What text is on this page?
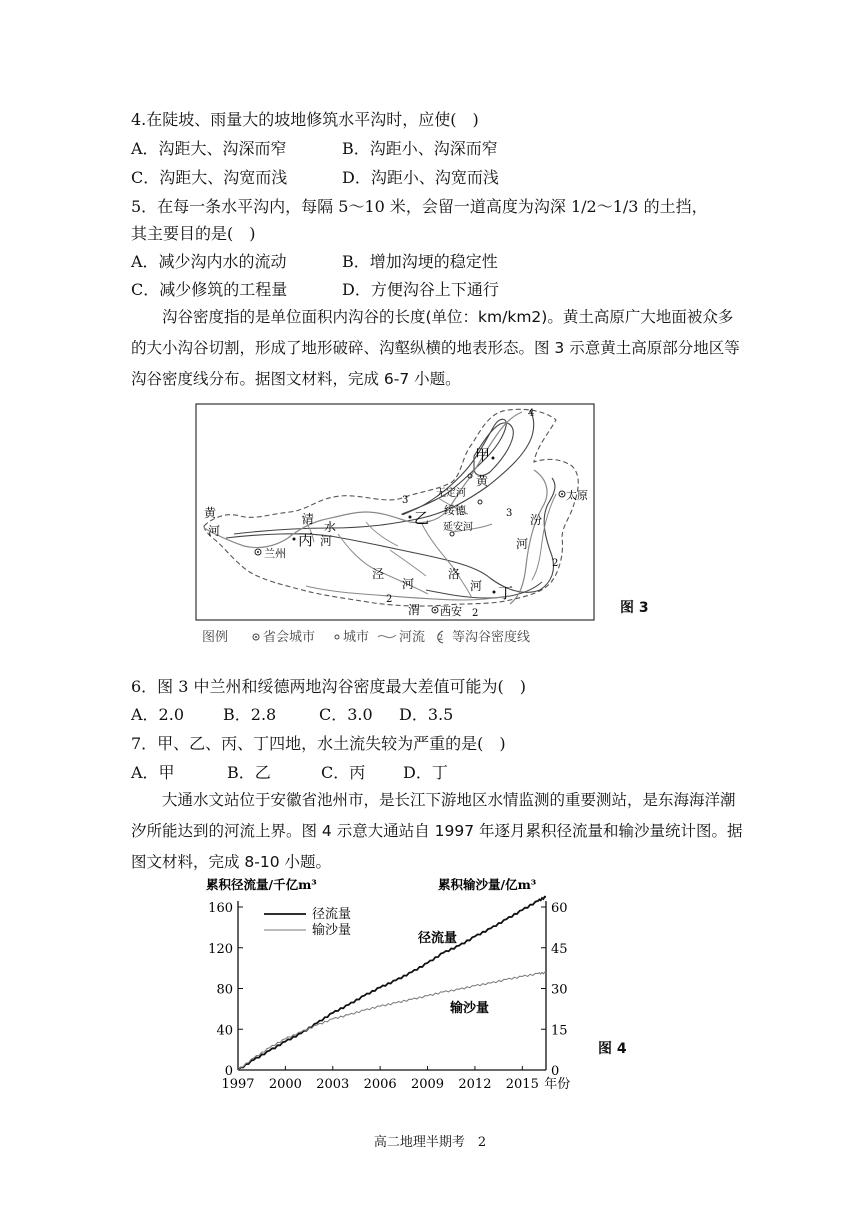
4.在陡坡、雨量大的坡地修筑水平沟时，应使(　)
A．沟距大、沟深而窄	B．沟距小、沟深而窄
C．沟距大、沟宽而浅	D．沟距小、沟宽而浅
5．在每一条水平沟内，每隔 5～10 米，会留一道高度为沟深 1/2～1/3 的土挡，
其主要目的是(　)
A．减少沟内水的流动	B．增加沟埂的稳定性
C．减少修筑的工程量	D．方便沟谷上下通行
沟谷密度指的是单位面积内沟谷的长度(单位：km/km2)。黄土高原广大地面被众多的大小沟谷切割，形成了地形破碎、沟壑纵横的地表形态。图 3 示意黄土高原部分地区等沟谷密度线分布。据图文材料，完成 6-7 小题。
兰州
太原
西安
绥德
甲
乙
丙
丁
黄
河
清
水
河
黄
无定河
延安河
泾
河
洛
河
渭
汾
河
4
3
3
2
2
2
图例	省会城市 城市 河流 2 等沟谷密度线
图 3
6．图 3 中兰州和绥德两地沟谷密度最大差值可能为(　)
A．2.0 B．2.8	C．3.0 D．3.5
7．甲、乙、丙、丁四地，水土流失较为严重的是(　)
A．甲	B．乙	C．丙 D．丁
大通水文站位于安徽省池州市，是长江下游地区水情监测的重要测站，是东海海洋潮汐所能达到的河流上界。图 4 示意大通站自 1997 年逐月累积径流量和输沙量统计图。据图文材料，完成 8-10 小题。
累积径流量/千亿m³	累积输沙量/亿m³
0
40
80
120
160
0
15
30
45
60
1997 2000 2003 2006 2009 2012 2015 年份
径流量
输沙量
径流量
输沙量
图 4
高二地理半期考　2
